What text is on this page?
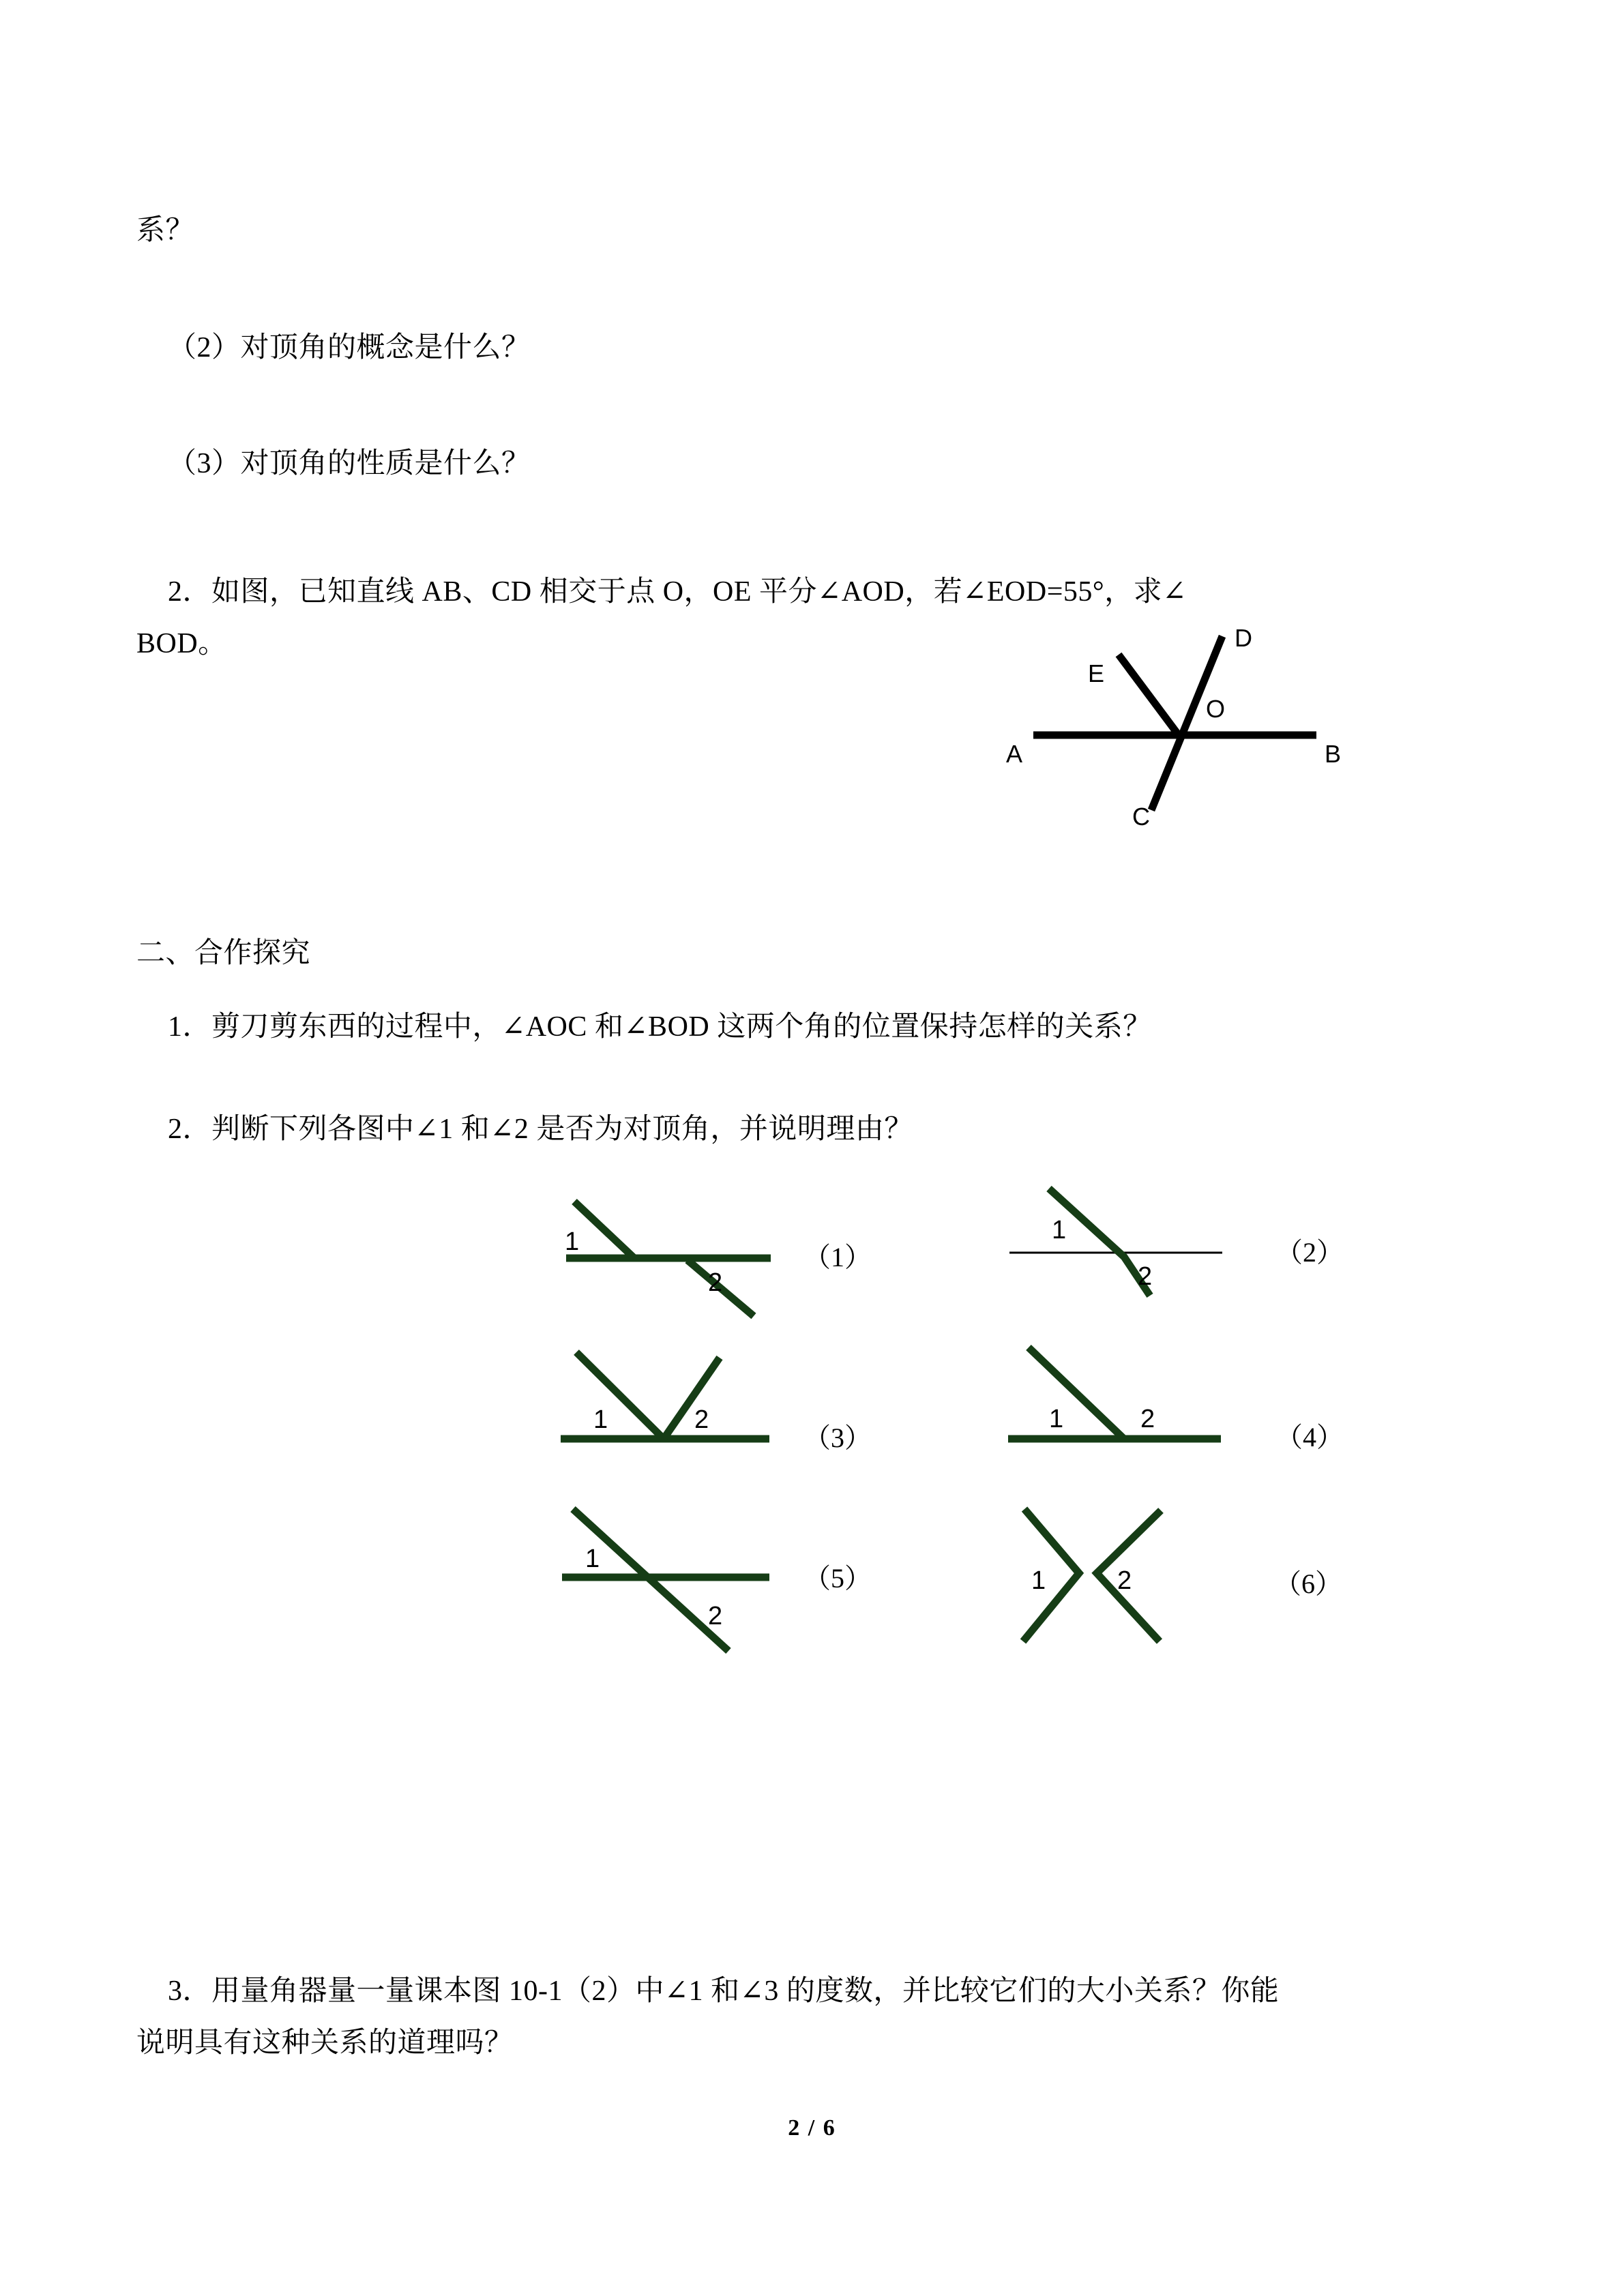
系？
（2）对顶角的概念是什么？
（3）对顶角的性质是什么？
2．如图，已知直线 AB、CD 相交于点 O，OE 平分∠AOD，若∠EOD=55°，求∠
BOD。
A	B
C
D
E
O
二、合作探究
1．剪刀剪东西的过程中，∠AOC 和∠BOD 这两个角的位置保持怎样的关系？
2．判断下列各图中∠1 和∠2 是否为对顶角，并说明理由？
1
2
（1）
1
2
（2）
1	2
（3）
1	2
（4）
1
2
（5）	1	2	（6）
3．用量角器量一量课本图 10-1（2）中∠1 和∠3 的度数，并比较它们的大小关系？你能
说明具有这种关系的道理吗？
2 / 6
